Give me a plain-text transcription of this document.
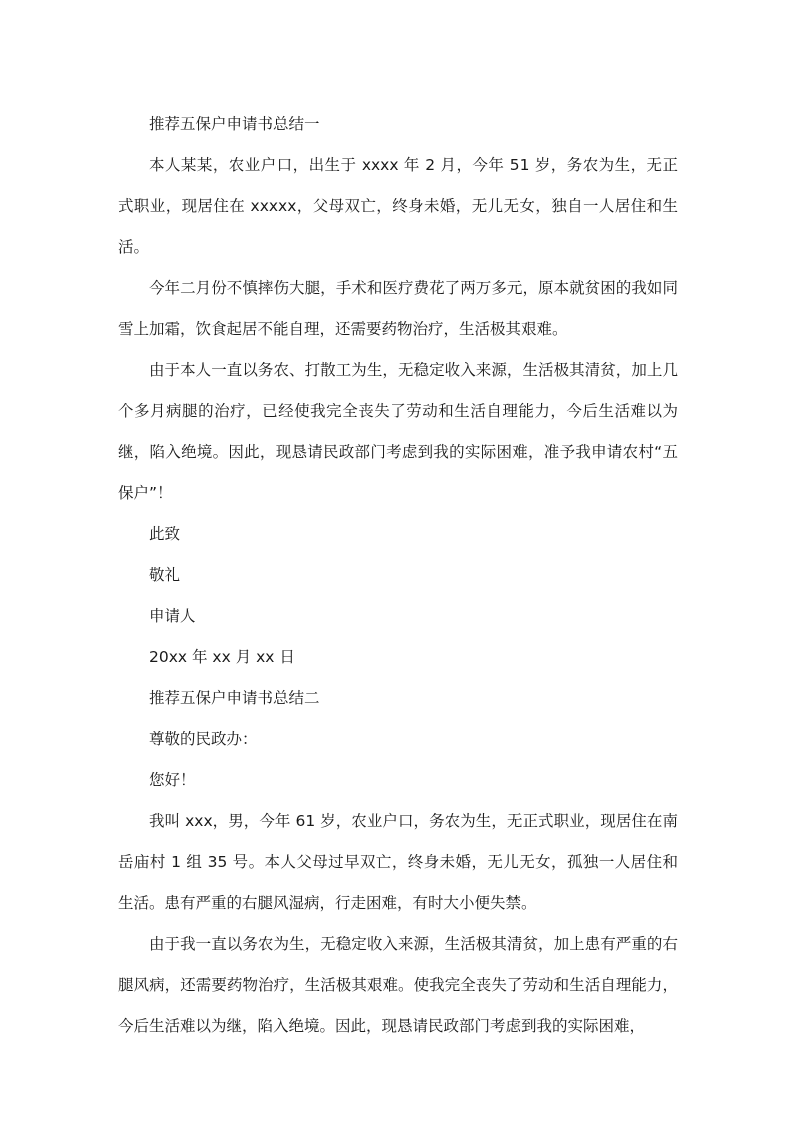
推荐五保户申请书总结一

本人某某，农业户口，出生于 xxxx 年 2 月，今年 51 岁，务农为生，无正式职业，现居住在 xxxxx，父母双亡，终身未婚，无儿无女，独自一人居住和生活。

今年二月份不慎摔伤大腿，手术和医疗费花了两万多元，原本就贫困的我如同雪上加霜，饮食起居不能自理，还需要药物治疗，生活极其艰难。

由于本人一直以务农、打散工为生，无稳定收入来源，生活极其清贫，加上几个多月病腿的治疗，已经使我完全丧失了劳动和生活自理能力，今后生活难以为继，陷入绝境。因此，现恳请民政部门考虑到我的实际困难，准予我申请农村“五保户”！

此致

敬礼

申请人

20xx 年 xx 月 xx 日

推荐五保户申请书总结二

尊敬的民政办：

您好！

我叫 xxx，男，今年 61 岁，农业户口，务农为生，无正式职业，现居住在南岳庙村 1 组 35 号。本人父母过早双亡，终身未婚，无儿无女，孤独一人居住和生活。患有严重的右腿风湿病，行走困难，有时大小便失禁。

由于我一直以务农为生，无稳定收入来源，生活极其清贫，加上患有严重的右腿风病，还需要药物治疗，生活极其艰难。使我完全丧失了劳动和生活自理能力，今后生活难以为继，陷入绝境。因此，现恳请民政部门考虑到我的实际困难，
